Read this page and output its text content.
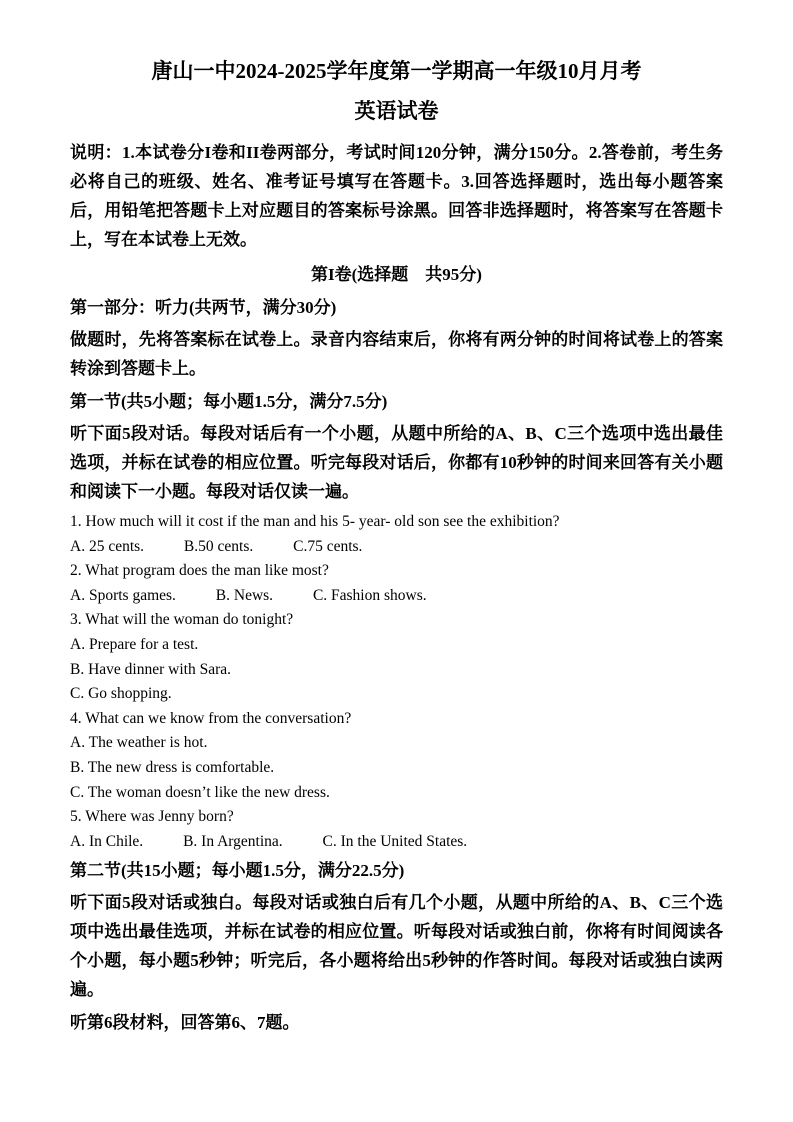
唐山一中2024-2025学年度第一学期高一年级10月月考
英语试卷

说明：1.本试卷分I卷和II卷两部分，考试时间120分钟，满分150分。2.答卷前，考生务必将自己的班级、姓名、准考证号填写在答题卡。3.回答选择题时，选出每小题答案后，用铅笔把答题卡上对应题目的答案标号涂黑。回答非选择题时，将答案写在答题卡上，写在本试卷上无效。

第I卷(选择题　共95分)
第一部分：听力(共两节，满分30分)

做题时，先将答案标在试卷上。录音内容结束后，你将有两分钟的时间将试卷上的答案转涂到答题卡上。

第一节(共5小题；每小题1.5分，满分7.5分)

听下面5段对话。每段对话后有一个小题，从题中所给的A、B、C三个选项中选出最佳选项，并标在试卷的相应位置。听完每段对话后，你都有10秒钟的时间来回答有关小题和阅读下一小题。每段对话仅读一遍。

1. How much will it cost if the man and his 5- year- old son see the exhibition?
A. 25 cents.	B.50 cents.	C.75 cents.
2. What program does the man like most?
A. Sports games.	B. News.	C. Fashion shows.
3. What will the woman do tonight?
A. Prepare for a test.
B. Have dinner with Sara.
C. Go shopping.
4. What can we know from the conversation?
A. The weather is hot.
B. The new dress is comfortable.
C. The woman doesn’t like the new dress.
5. Where was Jenny born?
A. In Chile.	B. In Argentina.	C. In the United States.
第二节(共15小题；每小题1.5分，满分22.5分)

听下面5段对话或独白。每段对话或独白后有几个小题，从题中所给的A、B、C三个选项中选出最佳选项，并标在试卷的相应位置。听每段对话或独白前，你将有时间阅读各个小题，每小题5秒钟；听完后，各小题将给出5秒钟的作答时间。每段对话或独白读两遍。

听第6段材料，回答第6、7题。
